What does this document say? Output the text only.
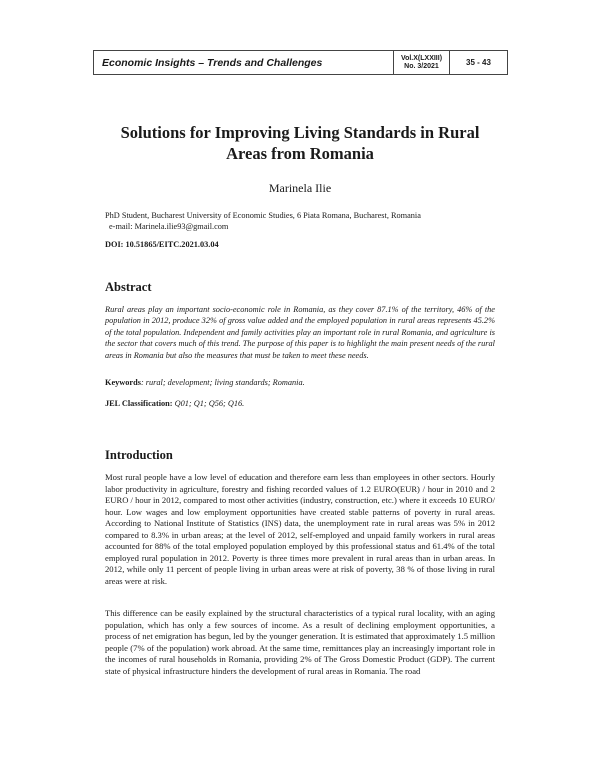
Economic Insights – Trends and Challenges	Vol.X(LXXIII)
No. 3/2021	35 - 43
Solutions for Improving Living Standards in Rural
Areas from Romania
Marinela Ilie
PhD Student, Bucharest University of Economic Studies, 6 Piata Romana, Bucharest, Romania
e-mail: Marinela.ilie93@gmail.com
DOI: 10.51865/EITC.2021.03.04
Abstract
Rural areas play an important socio-economic role in Romania, as they cover 87.1% of the territory, 46% of the population in 2012, produce 32% of gross value added and the employed population in rural areas represents 45.2% of the total population. Independent and family activities play an important role in rural Romania, and agriculture is the sector that covers much of this trend. The purpose of this paper is to highlight the main present needs of the rural areas in Romania but also the measures that must be taken to meet these needs.
Keywords: rural; development; living standards; Romania.
JEL Classification: Q01; Q1; Q56; Q16.
Introduction
Most rural people have a low level of education and therefore earn less than employees in other sectors. Hourly labor productivity in agriculture, forestry and fishing recorded values of 1.2 EURO(EUR) / hour in 2010 and 2 EURO / hour in 2012, compared to most other activities (industry, construction, etc.) where it exceeds 10 EURO/ hour. Low wages and low employment opportunities have created stable patterns of poverty in rural areas. According to National Institute of Statistics (INS) data, the unemployment rate in rural areas was 5% in 2012 compared to 8.3% in urban areas; at the level of 2012, self-employed and unpaid family workers in rural areas accounted for 88% of the total employed population employed by this professional status and 61.4% of the total employed rural population in 2012. Poverty is three times more prevalent in rural areas than in urban areas. In 2012, while only 11 percent of people living in urban areas were at risk of poverty, 38 % of those living in rural areas were at risk.
This difference can be easily explained by the structural characteristics of a typical rural locality, with an aging population, which has only a few sources of income. As a result of declining employment opportunities, a process of net emigration has begun, led by the younger generation. It is estimated that approximately 1.5 million people (7% of the population) work abroad. At the same time, remittances play an increasingly important role in the incomes of rural households in Romania, providing 2% of The Gross Domestic Product (GDP). The current state of physical infrastructure hinders the development of rural areas in Romania. The road
